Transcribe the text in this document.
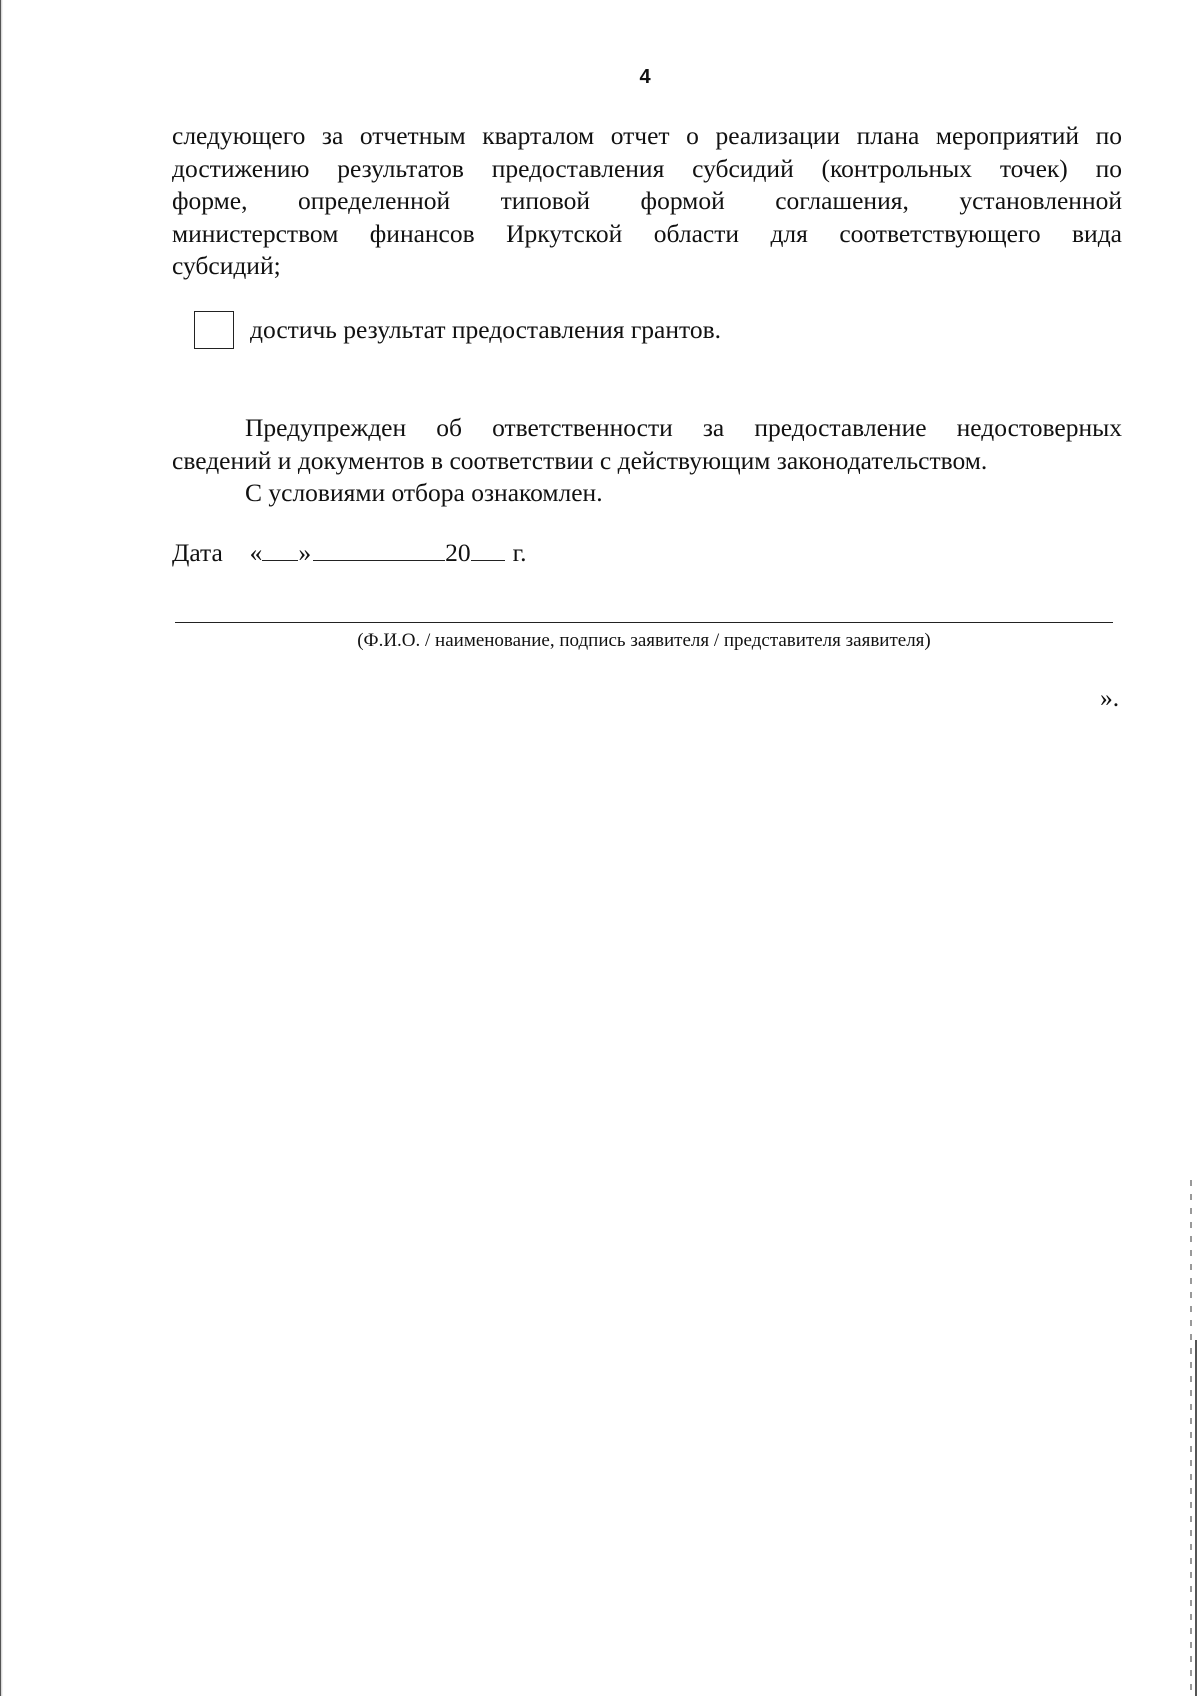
4

следующего за отчетным кварталом отчет о реализации плана мероприятий по
достижению результатов предоставления субсидий (контрольных точек) по
форме, определенной типовой формой соглашения, установленной
министерством финансов Иркутской области для соответствующего вида
субсидий;

достичь результат предоставления грантов.

Предупрежден об ответственности за предоставление недостоверных
сведений и документов в соответствии с действующим законодательством.

С условиями отбора ознакомлен.
Дата « »	20 г.
(Ф.И.О. / наименование, подпись заявителя / представителя заявителя)
».
